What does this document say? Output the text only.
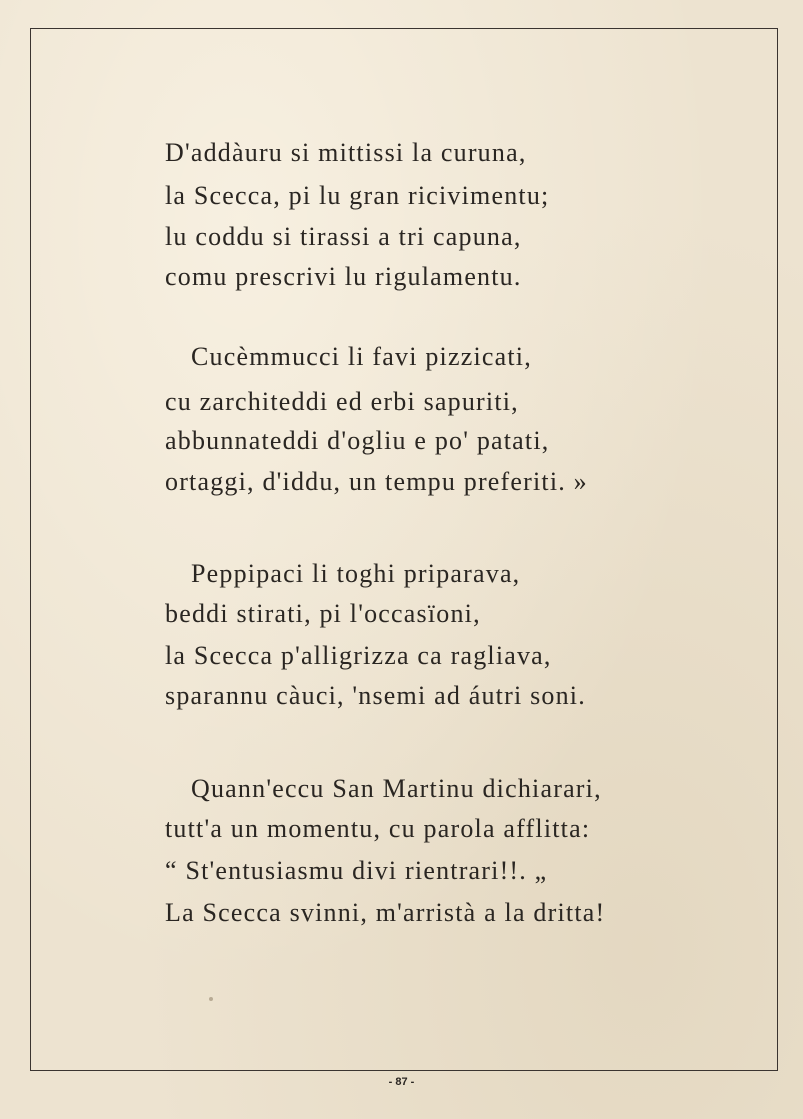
D'addàuru si mittissi la curuna,
la Scecca, pi lu gran ricivimentu;
lu coddu si tirassi a tri capuna,
comu prescrivi lu rigulamentu.
Cucèmmucci li favi pizzicati,
cu zarchiteddi ed erbi sapuriti,
abbunnateddi d'ogliu e po' patati,
ortaggi, d'iddu, un tempu preferiti. »
Peppipaci li toghi priparava,
beddi stirati, pi l'occasïoni,
la Scecca p'alligrizza ca ragliava,
sparannu càuci, 'nsemi ad áutri soni.
Quann'eccu San Martinu dichiarari,
tutt'a un momentu, cu parola afflitta:
“ St'entusiasmu divi rientrari!!. „
La Scecca svinni, m'arristà a la dritta!
- 87 -
